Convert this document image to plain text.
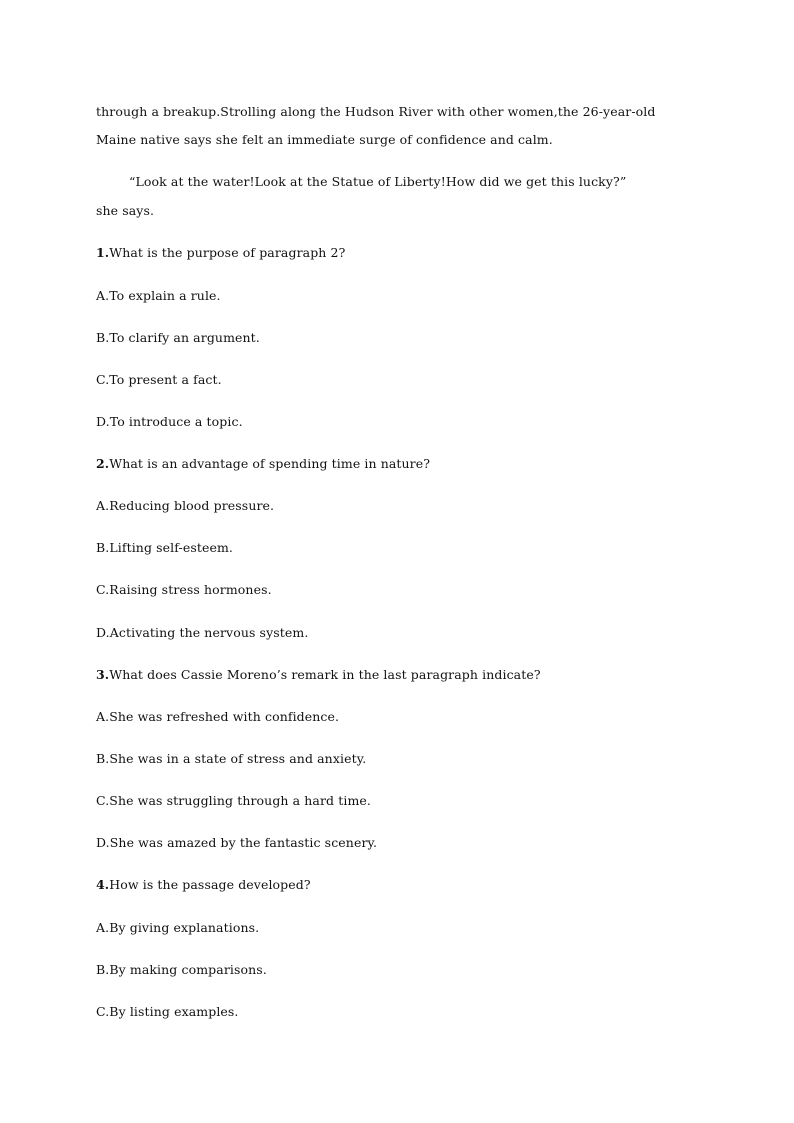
through a breakup.Strolling along the Hudson River with other women,the 26-year-old
Maine native says she felt an immediate surge of confidence and calm.
“Look at the water!Look at the Statue of Liberty!How did we get this lucky?”
she says.
1.What is the purpose of paragraph 2?
A.To explain a rule.
B.To clarify an argument.
C.To present a fact.
D.To introduce a topic.
2.What is an advantage of spending time in nature?
A.Reducing blood pressure.
B.Lifting self-esteem.
C.Raising stress hormones.
D.Activating the nervous system.
3.What does Cassie Moreno’s remark in the last paragraph indicate?
A.She was refreshed with confidence.
B.She was in a state of stress and anxiety.
C.She was struggling through a hard time.
D.She was amazed by the fantastic scenery.
4.How is the passage developed?
A.By giving explanations.
B.By making comparisons.
C.By listing examples.
